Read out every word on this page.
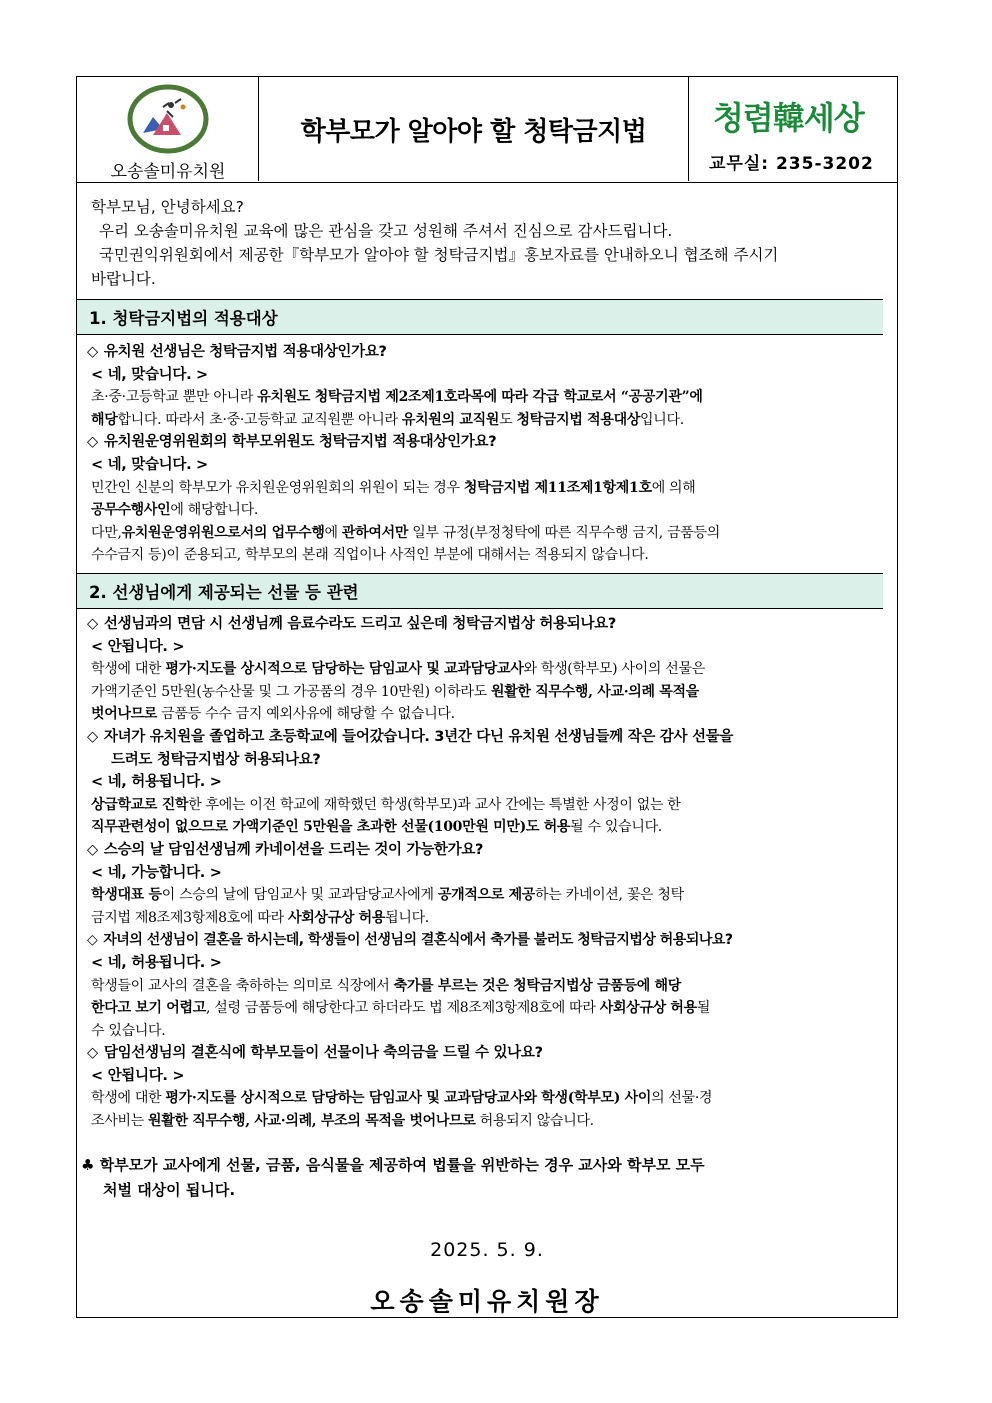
오송솔미유치원
학부모가 알아야 할 청탁금지법	청렴韓세상
교무실: 235-3202

학부모님, 안녕하세요?

우리 오송솔미유치원 교육에 많은 관심을 갖고 성원해 주셔서 진심으로 감사드립니다.

국민권익위원회에서 제공한『학부모가 알아야 할 청탁금지법』홍보자료를 안내하오니 협조해 주시기

바랍니다.

1. 청탁금지법의 적용대상

◇ 유치원 선생님은 청탁금지법 적용대상인가요?

< 네, 맞습니다. >

초·중·고등학교 뿐만 아니라 유치원도 청탁금지법 제2조제1호라목에 따라 각급 학교로서 “공공기관”에

해당합니다. 따라서 초·중·고등학교 교직원뿐 아니라 유치원의 교직원도 청탁금지법 적용대상입니다.

◇ 유치원운영위원회의 학부모위원도 청탁금지법 적용대상인가요?

< 네, 맞습니다. >

민간인 신분의 학부모가 유치원운영위원회의 위원이 되는 경우 청탁금지법 제11조제1항제1호에 의해

공무수행사인에 해당합니다.

다만,유치원운영위원으로서의 업무수행에 관하여서만 일부 규정(부정청탁에 따른 직무수행 금지, 금품등의

수수금지 등)이 준용되고, 학부모의 본래 직업이나 사적인 부분에 대해서는 적용되지 않습니다.

2. 선생님에게 제공되는 선물 등 관련

◇ 선생님과의 면담 시 선생님께 음료수라도 드리고 싶은데 청탁금지법상 허용되나요?

< 안됩니다. >

학생에 대한 평가·지도를 상시적으로 담당하는 담임교사 및 교과담당교사와 학생(학부모) 사이의 선물은

가액기준인 5만원(농수산물 및 그 가공품의 경우 10만원) 이하라도 원활한 직무수행, 사교·의례 목적을

벗어나므로 금품등 수수 금지 예외사유에 해당할 수 없습니다.

◇ 자녀가 유치원을 졸업하고 초등학교에 들어갔습니다. 3년간 다닌 유치원 선생님들께 작은 감사 선물을

드려도 청탁금지법상 허용되나요?

< 네, 허용됩니다. >

상급학교로 진학한 후에는 이전 학교에 재학했던 학생(학부모)과 교사 간에는 특별한 사정이 없는 한

직무관련성이 없으므로 가액기준인 5만원을 초과한 선물(100만원 미만)도 허용될 수 있습니다.

◇ 스승의 날 담임선생님께 카네이션을 드리는 것이 가능한가요?

< 네, 가능합니다. >

학생대표 등이 스승의 날에 담임교사 및 교과담당교사에게 공개적으로 제공하는 카네이션, 꽃은 청탁

금지법 제8조제3항제8호에 따라 사회상규상 허용됩니다.

◇ 자녀의 선생님이 결혼을 하시는데, 학생들이 선생님의 결혼식에서 축가를 불러도 청탁금지법상 허용되나요?

< 네, 허용됩니다. >

학생들이 교사의 결혼을 축하하는 의미로 식장에서 축가를 부르는 것은 청탁금지법상 금품등에 해당

한다고 보기 어렵고, 설령 금품등에 해당한다고 하더라도 법 제8조제3항제8호에 따라 사회상규상 허용될

수 있습니다.

◇ 담임선생님의 결혼식에 학부모들이 선물이나 축의금을 드릴 수 있나요?

< 안됩니다. >

학생에 대한 평가·지도를 상시적으로 담당하는 담임교사 및 교과담당교사와 학생(학부모) 사이의 선물·경

조사비는 원활한 직무수행, 사교·의례, 부조의 목적을 벗어나므로 허용되지 않습니다.

♣ 학부모가 교사에게 선물, 금품, 음식물을 제공하여 법률을 위반하는 경우 교사와 학부모 모두

처벌 대상이 됩니다.

2025. 5. 9.
오송솔미유치원장
